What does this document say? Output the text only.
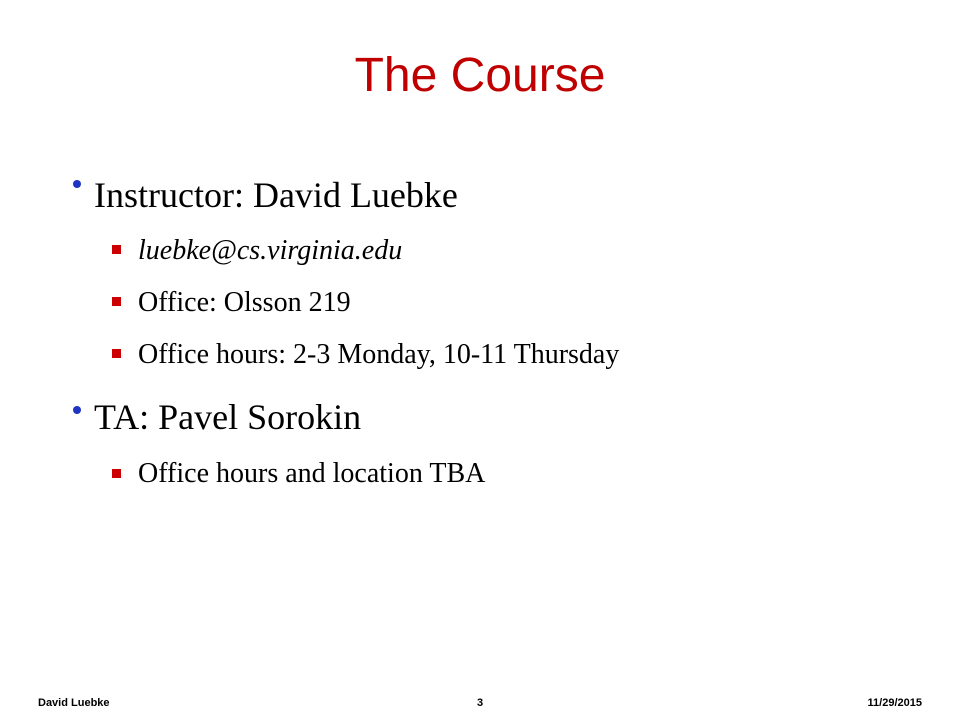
The Course
Instructor: David Luebke
luebke@cs.virginia.edu
Office: Olsson 219
Office hours: 2-3 Monday, 10-11 Thursday
TA: Pavel Sorokin
Office hours and location TBA
David Luebke	3	11/29/2015
